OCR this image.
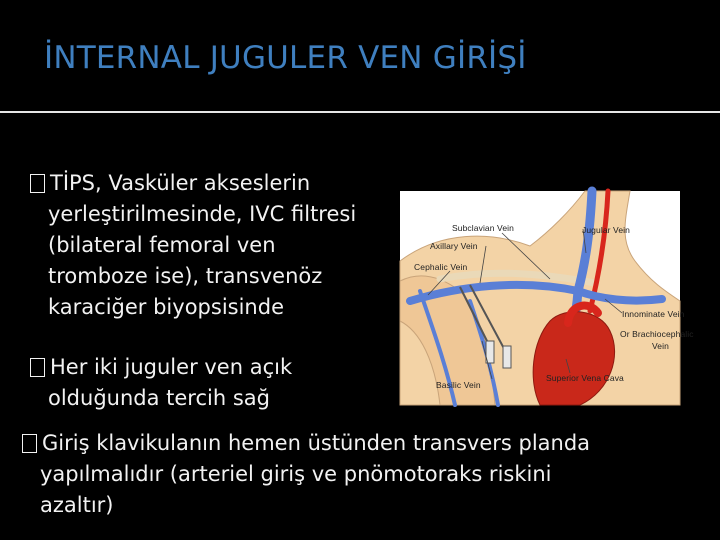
İNTERNAL JUGULER VEN GİRİŞİ
TİPS, Vasküler akseslerin
yerleştirilmesinde, IVC filtresi
(bilateral femoral ven
tromboze ise), transvenöz
karaciğer biyopsisinde
Her iki juguler ven açık
olduğunda tercih sağ
Giriş klavikulanın hemen üstünden transvers planda
yapılmalıdır (arteriel giriş ve pnömotoraks riskini
azaltır)
Subclavian Vein	Jugular Vein
Axillary Vein
Cephalic Vein
Innominate Vein
Or Brachiocephalic
Vein
Basilic Vein
Superior Vena Cava
